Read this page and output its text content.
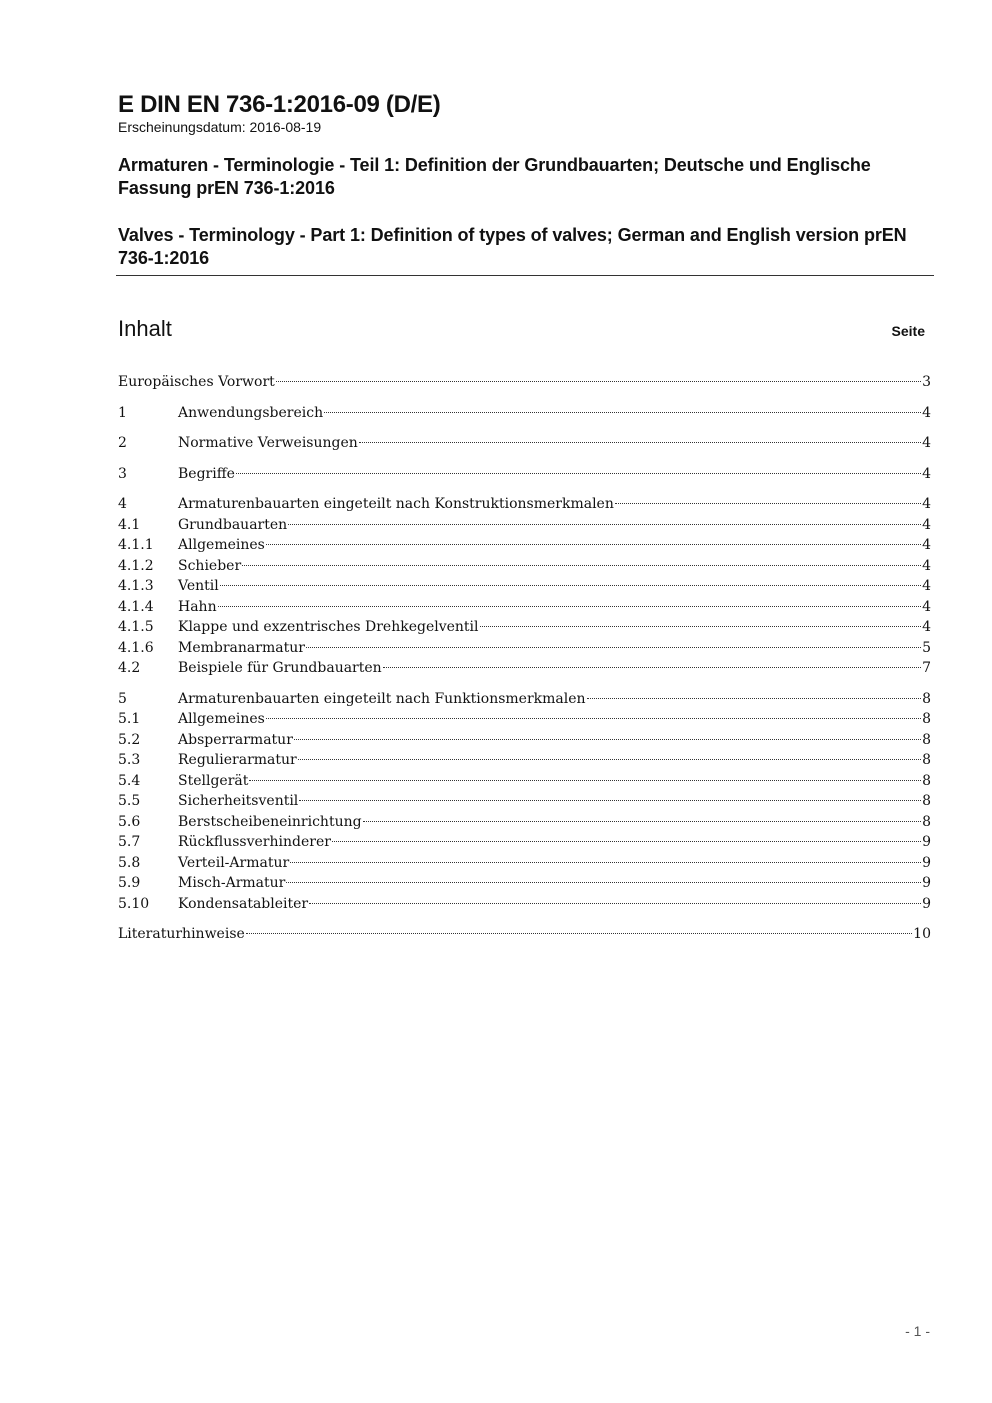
E DIN EN 736-1:2016-09 (D/E)
Erscheinungsdatum: 2016-08-19
Armaturen - Terminologie - Teil 1: Definition der Grundbauarten; Deutsche und Englische Fassung prEN 736-1:2016
Valves - Terminology - Part 1: Definition of types of valves; German and English version prEN 736-1:2016
Inhalt	Seite
Europäisches Vorwort	3
1	Anwendungsbereich	4
2	Normative Verweisungen	4
3	Begriffe	4
4	Armaturenbauarten eingeteilt nach Konstruktionsmerkmalen	4
4.1	Grundbauarten	4
4.1.1	Allgemeines	4
4.1.2	Schieber	4
4.1.3	Ventil	4
4.1.4	Hahn	4
4.1.5	Klappe und exzentrisches Drehkegelventil	4
4.1.6	Membranarmatur	5
4.2	Beispiele für Grundbauarten	7
5	Armaturenbauarten eingeteilt nach Funktionsmerkmalen	8
5.1	Allgemeines	8
5.2	Absperrarmatur	8
5.3	Regulierarmatur	8
5.4	Stellgerät	8
5.5	Sicherheitsventil	8
5.6	Berstscheibeneinrichtung	8
5.7	Rückflussverhinderer	9
5.8	Verteil-Armatur	9
5.9	Misch-Armatur	9
5.10	Kondensatableiter	9
Literaturhinweise	10
- 1 -
